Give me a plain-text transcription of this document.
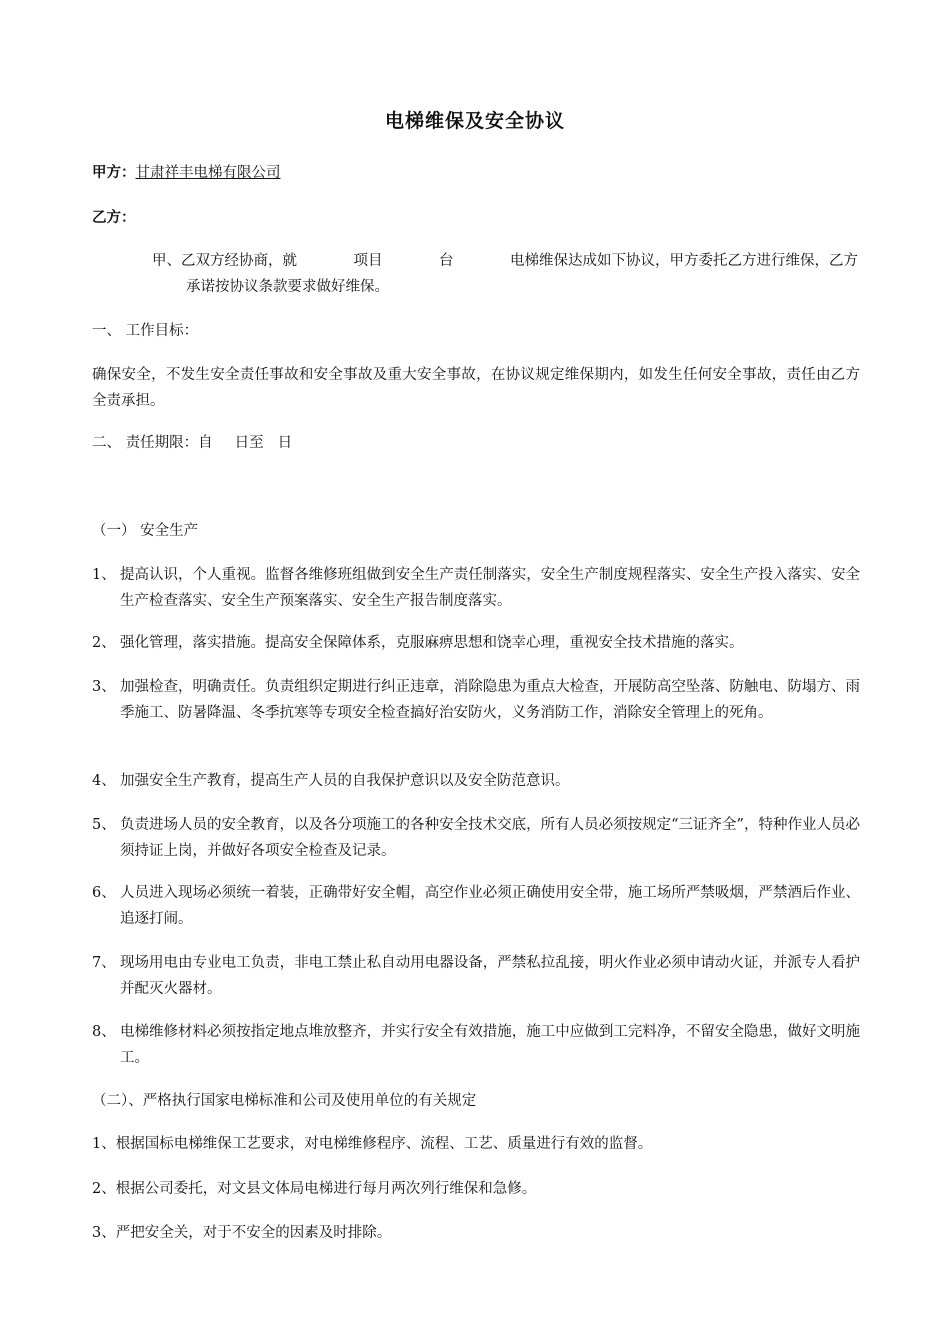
电梯维保及安全协议
甲方：甘肃祥丰电梯有限公司
乙方：
甲、乙双方经协商，就	项目	台	电梯维保达成如下协议，甲方委托乙方进行维保，乙方
承诺按协议条款要求做好维保。
一、 工作目标：
确保安全，不发生安全责任事故和安全事故及重大安全事故，在协议规定维保期内，如发生任何安全事故，责任由乙方全责承担。
二、 责任期限：自 日至 日
（一） 安全生产
1、 提高认识，个人重视。监督各维修班组做到安全生产责任制落实，安全生产制度规程落实、安全生产投入落实、安全生产检查落实、安全生产预案落实、安全生产报告制度落实。
2、 强化管理，落实措施。提高安全保障体系，克服麻痹思想和饶幸心理，重视安全技术措施的落实。
3、 加强检查，明确责任。负责组织定期进行纠正违章，消除隐患为重点大检查，开展防高空坠落、防触电、防塌方、雨季施工、防暑降温、冬季抗寒等专项安全检查搞好治安防火，义务消防工作，消除安全管理上的死角。
4、 加强安全生产教育，提高生产人员的自我保护意识以及安全防范意识。
5、 负责进场人员的安全教育，以及各分项施工的各种安全技术交底，所有人员必须按规定“三证齐全”，特种作业人员必须持证上岗，并做好各项安全检查及记录。
6、 人员进入现场必须统一着装，正确带好安全帽，高空作业必须正确使用安全带，施工场所严禁吸烟，严禁酒后作业、追逐打闹。
7、 现场用电由专业电工负责，非电工禁止私自动用电器设备，严禁私拉乱接，明火作业必须申请动火证，并派专人看护并配灭火器材。
8、 电梯维修材料必须按指定地点堆放整齐，并实行安全有效措施，施工中应做到工完料净，不留安全隐患，做好文明施工。
（二）、严格执行国家电梯标准和公司及使用单位的有关规定
1、根据国标电梯维保工艺要求，对电梯维修程序、流程、工艺、质量进行有效的监督。
2、根据公司委托，对文县文体局电梯进行每月两次列行维保和急修。
3、严把安全关，对于不安全的因素及时排除。
